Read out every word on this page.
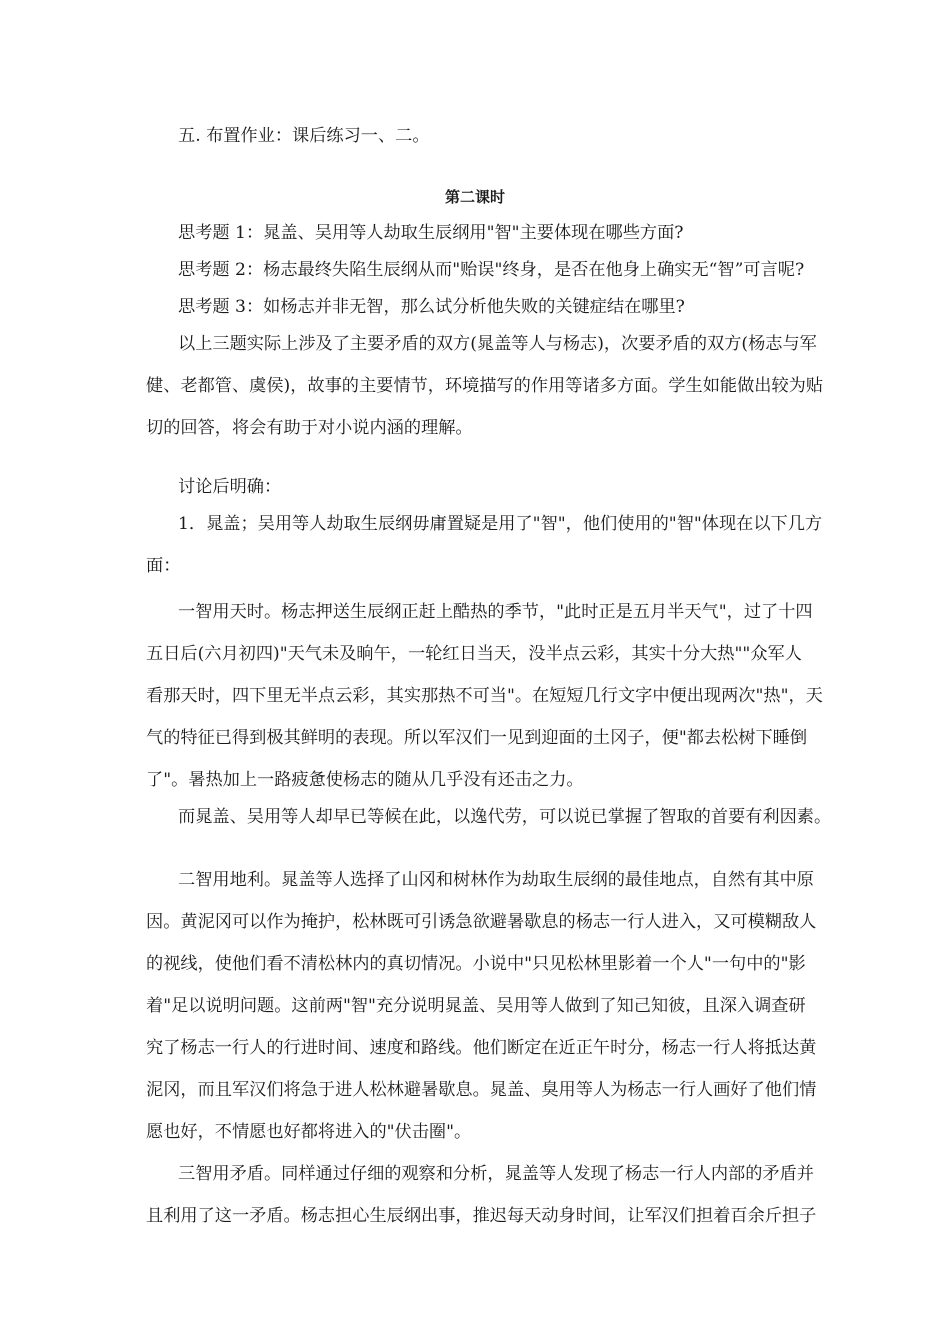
五. 布置作业：课后练习一、二。

第二课时

思考题 1：晁盖、吴用等人劫取生辰纲用"智"主要体现在哪些方面?

思考题 2：杨志最终失陷生辰纲从而"贻误"终身，是否在他身上确实无“智”可言呢?

思考题 3：如杨志并非无智，那么试分析他失败的关键症结在哪里?

以上三题实际上涉及了主要矛盾的双方(晁盖等人与杨志)，次要矛盾的双方(杨志与军

健、老都管、虞侯)，故事的主要情节，环境描写的作用等诸多方面。学生如能做出较为贴

切的回答，将会有助于对小说内涵的理解。

讨论后明确：

1．晁盖；吴用等人劫取生辰纲毋庸置疑是用了"智"，他们使用的"智"体现在以下几方

面：

一智用天时。杨志押送生辰纲正赶上酷热的季节，"此时正是五月半天气"，过了十四

五日后(六月初四)"天气未及晌午，一轮红日当天，没半点云彩，其实十分大热""众军人

看那天时，四下里无半点云彩，其实那热不可当"。在短短几行文字中便出现两次"热"，天

气的特征已得到极其鲜明的表现。所以军汉们一见到迎面的土冈子，便"都去松树下睡倒

了"。暑热加上一路疲惫使杨志的随从几乎没有还击之力。

而晁盖、吴用等人却早已等候在此，以逸代劳，可以说已掌握了智取的首要有利因素。

二智用地利。晁盖等人选择了山冈和树林作为劫取生辰纲的最佳地点，自然有其中原

因。黄泥冈可以作为掩护，松林既可引诱急欲避暑歇息的杨志一行人进入，又可模糊敌人

的视线，使他们看不清松林内的真切情况。小说中"只见松林里影着一个人"一句中的"影

着"足以说明问题。这前两"智"充分说明晁盖、吴用等人做到了知己知彼，且深入调查研

究了杨志一行人的行进时间、速度和路线。他们断定在近正午时分，杨志一行人将抵达黄

泥冈，而且军汉们将急于进人松林避暑歇息。晁盖、臭用等人为杨志一行人画好了他们情

愿也好，不情愿也好都将进入的"伏击圈"。

三智用矛盾。同样通过仔细的观察和分析，晁盖等人发现了杨志一行人内部的矛盾并

且利用了这一矛盾。杨志担心生辰纲出事，推迟每天动身时间，让军汉们担着百余斤担子
